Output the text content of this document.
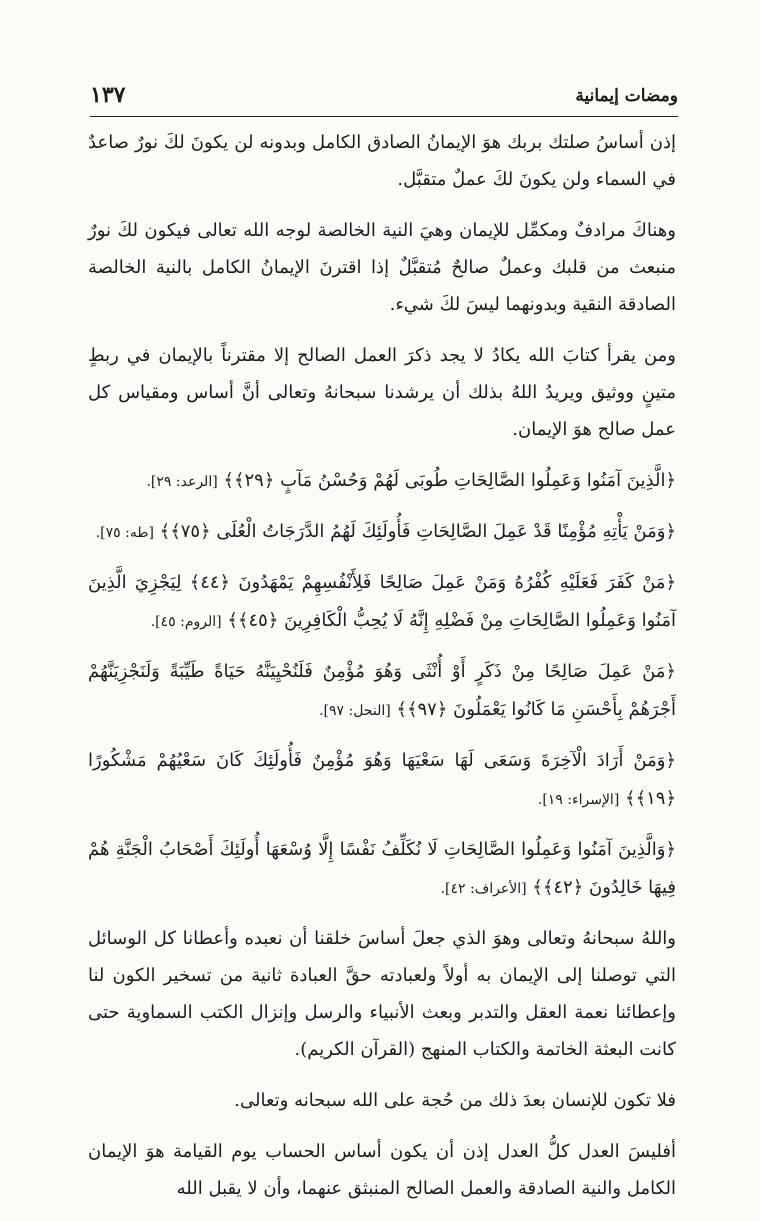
ومضات إيمانية
١٣٧

إذن أساسُ صلتك بربك هوَ الإيمانُ الصادق الكامل وبدونه لن يكونَ لكَ نورٌ صاعدٌ في السماء ولن يكونَ لكَ عملٌ متقبَّل.

وهناكَ مرادفٌ ومكمِّل للإيمان وهيَ النية الخالصة لوجه الله تعالى فيكون لكَ نورٌ منبعث من قلبك وعملٌ صالحٌ مُتقبَّلٌ إذا اقترنَ الإيمانُ الكامل بالنية الخالصة الصادقة النقية وبدونهما ليسَ لكَ شيء.

ومن يقرأ كتابَ الله يكادُ لا يجد ذكرَ العمل الصالح إلا مقترناً بالإيمان في ربطٍ متينٍ ووثيق ويريدُ اللهُ بذلك أن يرشدنا سبحانهُ وتعالى أنَّ أساس ومقياس كل عمل صالح هوَ الإيمان.

﴿الَّذِينَ آمَنُوا وَعَمِلُوا الصَّالِحَاتِ طُوبَى لَهُمْ وَحُسْنُ مَآبٍ ﴿٢٩﴾﴾ [الرعد: ٢٩].

﴿وَمَنْ يَأْتِهِ مُؤْمِنًا قَدْ عَمِلَ الصَّالِحَاتِ فَأُولَئِكَ لَهُمُ الدَّرَجَاتُ الْعُلَى ﴿٧٥﴾﴾ [طه: ٧٥].

﴿مَنْ كَفَرَ فَعَلَيْهِ كُفْرُهُ وَمَنْ عَمِلَ صَالِحًا فَلِأَنْفُسِهِمْ يَمْهَدُونَ ﴿٤٤﴾ لِيَجْزِيَ الَّذِينَ آمَنُوا وَعَمِلُوا الصَّالِحَاتِ مِنْ فَضْلِهِ إِنَّهُ لَا يُحِبُّ الْكَافِرِينَ ﴿٤٥﴾﴾ [الروم: ٤٥].

﴿مَنْ عَمِلَ صَالِحًا مِنْ ذَكَرٍ أَوْ أُنْثَى وَهُوَ مُؤْمِنٌ فَلَنُحْيِيَنَّهُ حَيَاةً طَيِّبَةً وَلَنَجْزِيَنَّهُمْ أَجْرَهُمْ بِأَحْسَنِ مَا كَانُوا يَعْمَلُونَ ﴿٩٧﴾﴾ [النحل: ٩٧].

﴿وَمَنْ أَرَادَ الْآخِرَةَ وَسَعَى لَهَا سَعْيَهَا وَهُوَ مُؤْمِنٌ فَأُولَئِكَ كَانَ سَعْيُهُمْ مَشْكُورًا ﴿١٩﴾﴾ [الإسراء: ١٩].

﴿وَالَّذِينَ آمَنُوا وَعَمِلُوا الصَّالِحَاتِ لَا نُكَلِّفُ نَفْسًا إِلَّا وُسْعَهَا أُولَئِكَ أَصْحَابُ الْجَنَّةِ هُمْ فِيهَا خَالِدُونَ ﴿٤٢﴾﴾ [الأعراف: ٤٢].

واللهُ سبحانهُ وتعالى وهوَ الذي جعلَ أساسَ خلقنا أن نعبده وأعطانا كل الوسائل التي توصلنا إلى الإيمان به أولاً ولعبادته حقَّ العبادة ثانية من تسخير الكون لنا وإعطائنا نعمة العقل والتدبر وبعث الأنبياء والرسل وإنزال الكتب السماوية حتى كانت البعثة الخاتمة والكتاب المنهج (القرآن الكريم).

فلا تكون للإنسان بعدَ ذلك من حُجة على الله سبحانه وتعالى.

أفليسَ العدل كلُّ العدل إذن أن يكون أساس الحساب يوم القيامة هوَ الإيمان الكامل والنية الصادقة والعمل الصالح المنبثق عنهما، وأن لا يقبل الله
